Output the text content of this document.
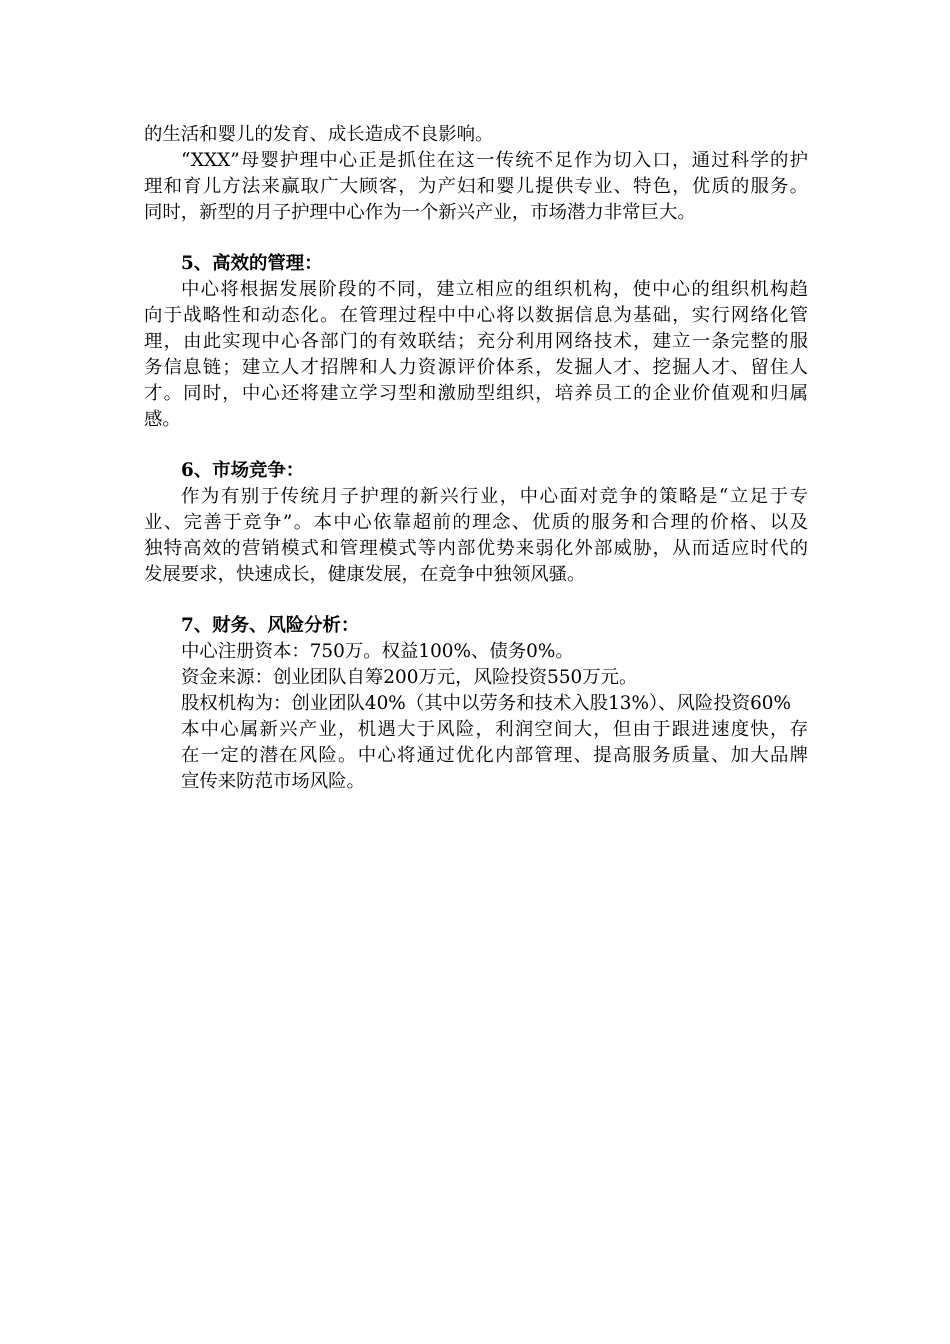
的生活和婴儿的发育、成长造成不良影响。
“XXX”母婴护理中心正是抓住在这一传统不足作为切入口，通过科学的护
理和育儿方法来赢取广大顾客，为产妇和婴儿提供专业、特色，优质的服务。
同时，新型的月子护理中心作为一个新兴产业，市场潜力非常巨大。
5、高效的管理：
中心将根据发展阶段的不同，建立相应的组织机构，使中心的组织机构趋
向于战略性和动态化。在管理过程中中心将以数据信息为基础，实行网络化管
理，由此实现中心各部门的有效联结；充分利用网络技术，建立一条完整的服
务信息链；建立人才招牌和人力资源评价体系，发掘人才、挖掘人才、留住人
才。同时，中心还将建立学习型和激励型组织，培养员工的企业价值观和归属
感。
6、市场竞争：
作为有别于传统月子护理的新兴行业，中心面对竞争的策略是“立足于专
业、完善于竞争”。本中心依靠超前的理念、优质的服务和合理的价格、以及
独特高效的营销模式和管理模式等内部优势来弱化外部威胁，从而适应时代的
发展要求，快速成长，健康发展，在竞争中独领风骚。
7、财务、风险分析：
中心注册资本：750万。权益100%、债务0%。
资金来源：创业团队自筹200万元，风险投资550万元。
股权机构为：创业团队40%（其中以劳务和技术入股13%）、风险投资60%
本中心属新兴产业，机遇大于风险，利润空间大，但由于跟进速度快，存
在一定的潜在风险。中心将通过优化内部管理、提高服务质量、加大品牌
宣传来防范市场风险。
